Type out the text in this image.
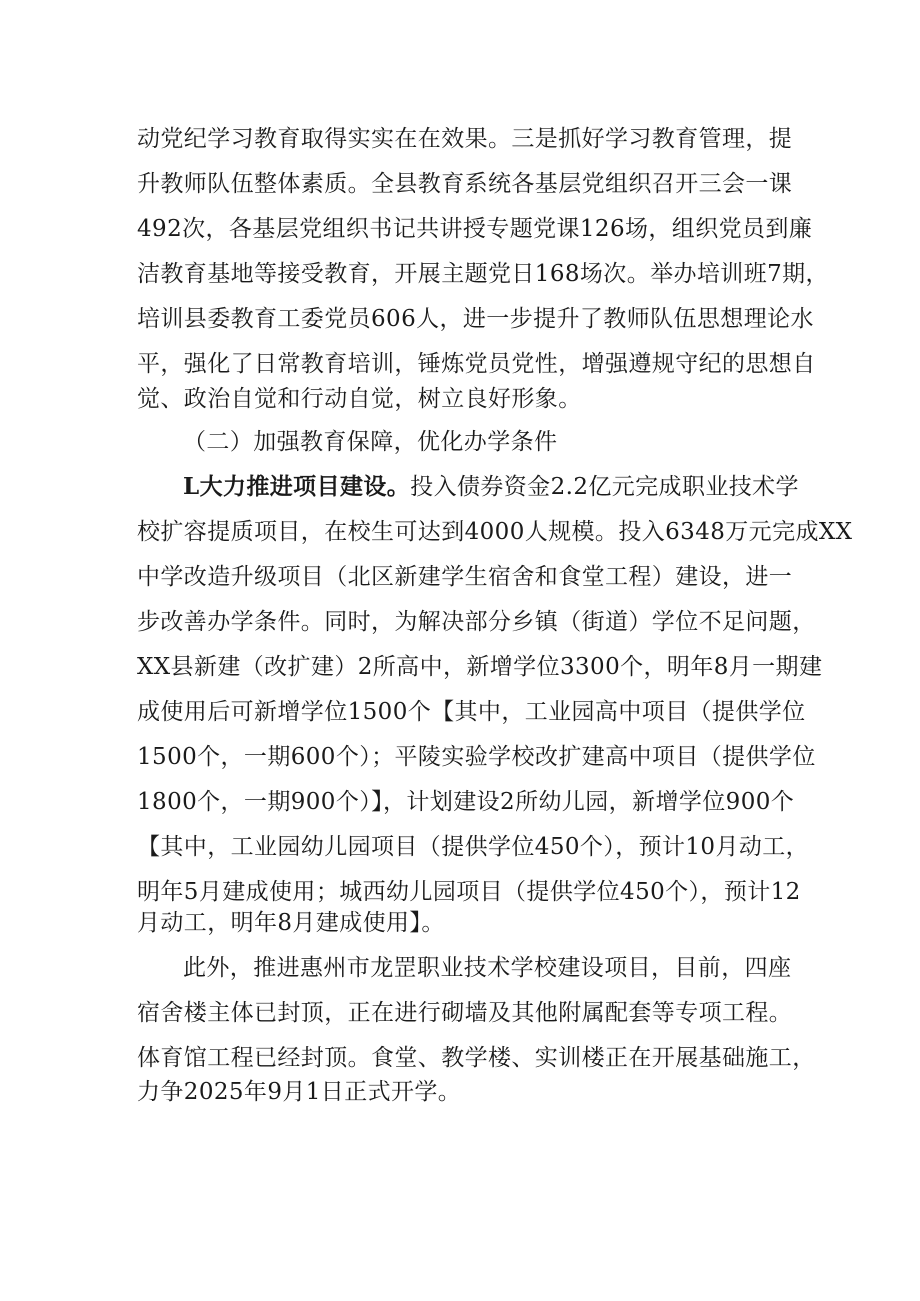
动党纪学习教育取得实实在在效果。三是抓好学习教育管理，提
升教师队伍整体素质。全县教育系统各基层党组织召开三会一课
492次，各基层党组织书记共讲授专题党课126场，组织党员到廉
洁教育基地等接受教育，开展主题党日168场次。举办培训班7期，
培训县委教育工委党员606人，进一步提升了教师队伍思想理论水
平，强化了日常教育培训，锤炼党员党性，增强遵规守纪的思想自
觉、政治自觉和行动自觉，树立良好形象。
（二）加强教育保障，优化办学条件
L大力推进项目建设。投入债券资金2.2亿元完成职业技术学
校扩容提质项目，在校生可达到4000人规模。投入6348万元完成XX
中学改造升级项目（北区新建学生宿舍和食堂工程）建设，进一
步改善办学条件。同时，为解决部分乡镇（街道）学位不足问题，
XX县新建（改扩建）2所高中，新增学位3300个，明年8月一期建
成使用后可新增学位1500个【其中，工业园高中项目（提供学位
1500个，一期600个）；平陵实验学校改扩建高中项目（提供学位
1800个，一期900个）】，计划建设2所幼儿园，新增学位900个
【其中，工业园幼儿园项目（提供学位450个），预计10月动工，
明年5月建成使用；城西幼儿园项目（提供学位450个），预计12
月动工，明年8月建成使用】。
此外，推进惠州市龙罡职业技术学校建设项目，目前，四座
宿舍楼主体已封顶，正在进行砌墙及其他附属配套等专项工程。
体育馆工程已经封顶。食堂、教学楼、实训楼正在开展基础施工，
力争2025年9月1日正式开学。
